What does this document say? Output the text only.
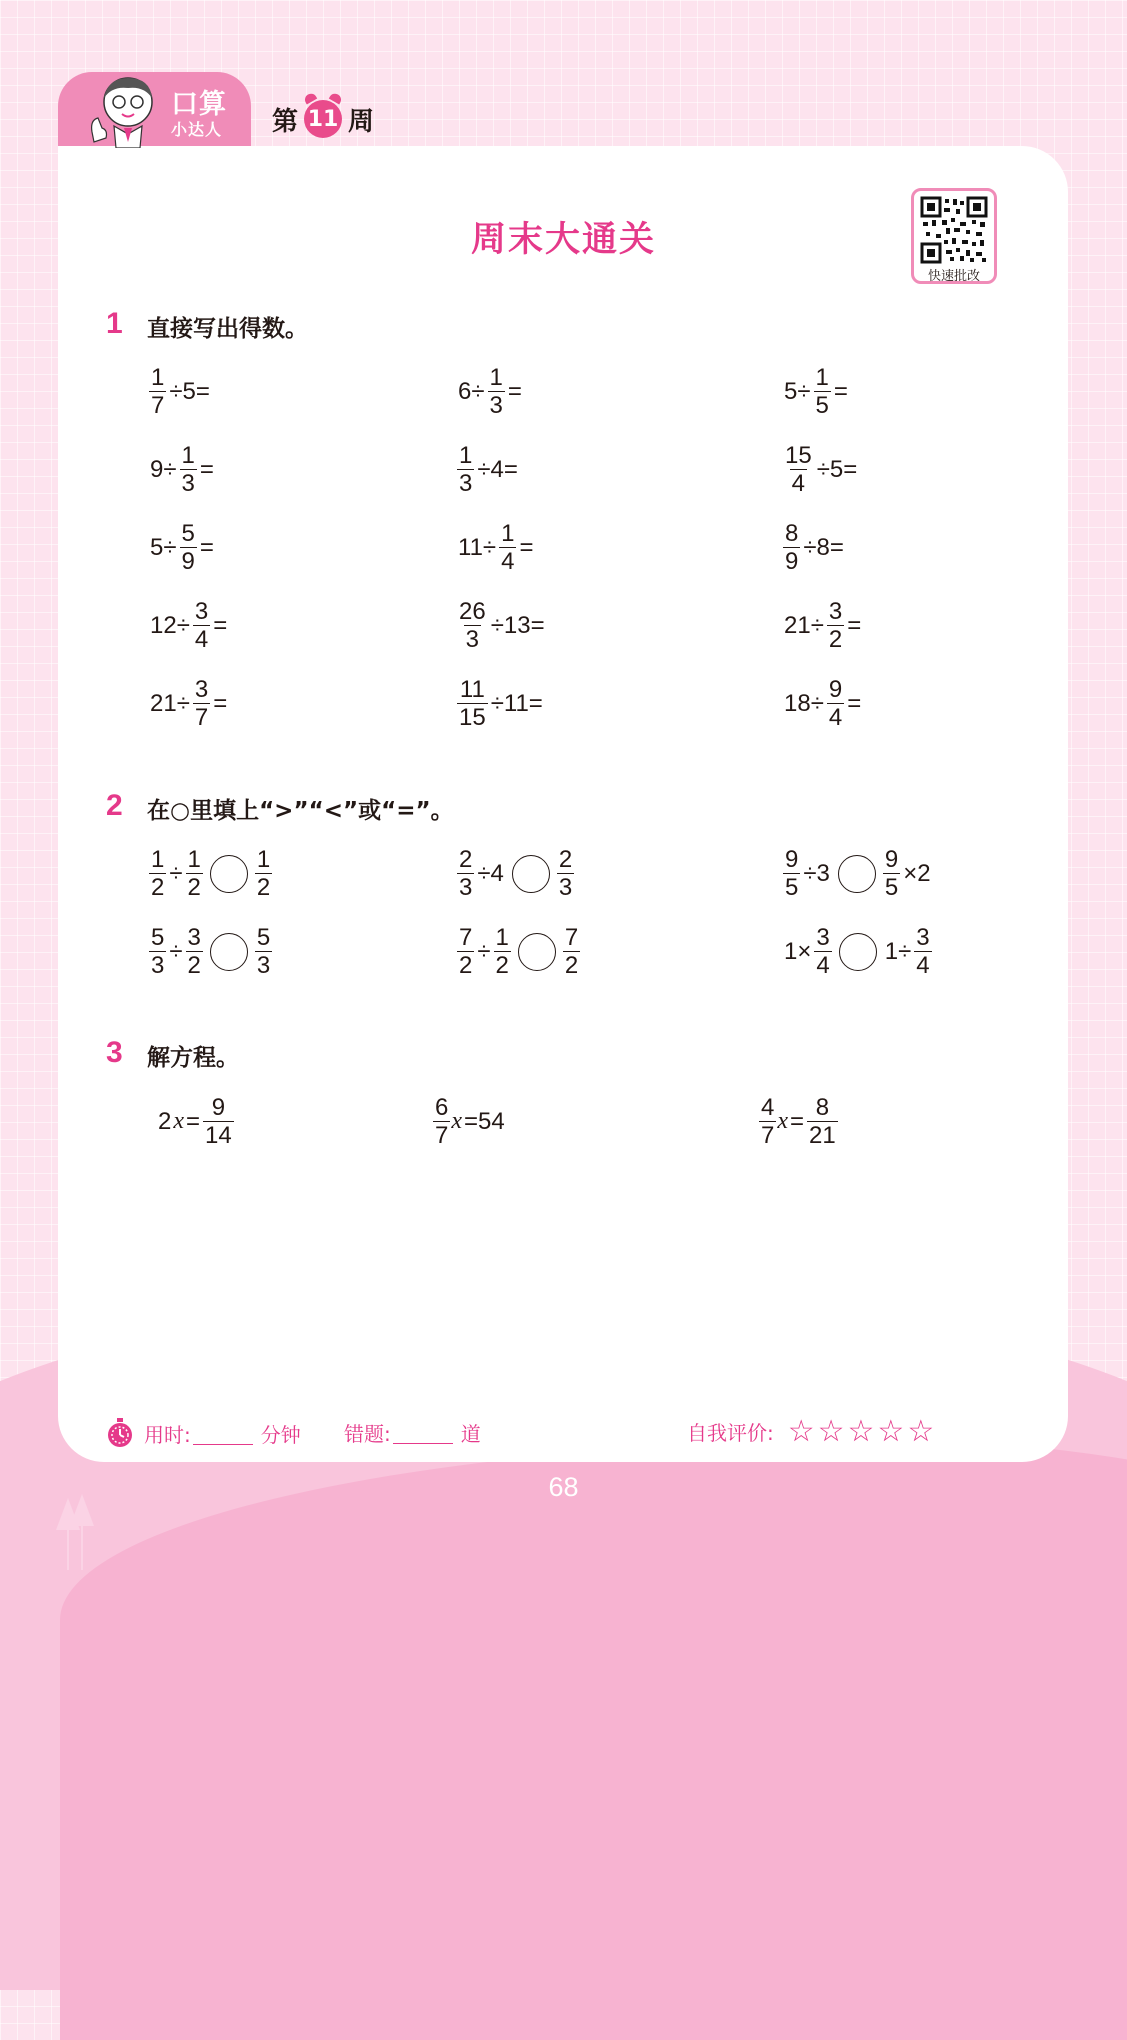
口算
小达人 第 11 周
周末大通关
快速批改
1 直接写出得数。
$\frac{1}{7} \div 5=$	$6\div \frac{1}{3}$ =	$5\div \frac{1}{5}$ =
$9\div \frac{1}{3}$ =	$\frac{1}{3} \div 4=$	$\frac{15}{4} \div 5=$
$5\div \frac{5}{9}$ =	$11\div \frac{1}{4}$ =	$\frac{8}{9} \div 8=$
$12\div \frac{3}{4}$ =	$\frac{26}{3} \div 13=$	$21\div \frac{3}{2}$ =
$21\div \frac{3}{7}$ =	$\frac{11}{15} \div 11=$	$18\div \frac{9}{4}$ =
2 在○里填上“>”“<”或“=”。
$\frac{1}{2} \div \frac{1}{2} \frac{1}{2}$	$\frac{2}{3} \div 4 \frac{2}{3}$	$\frac{9}{5} \div 3 \frac{9}{5} \times 2$
$\frac{5}{3} \div \frac{3}{2} \frac{5}{3}$	$\frac{7}{2} \div \frac{1}{2} \frac{7}{2}$	$1\times \frac{3}{4} 1\div \frac{3}{4}$
3 解方程。
2 $x = \frac{9}{14}$	$\frac{6}{7}$ x =54	$\frac{4}{7}$ $x = \frac{8}{21}$
用时:	分钟 错题:	道	自我评价: ☆☆☆☆☆
68
